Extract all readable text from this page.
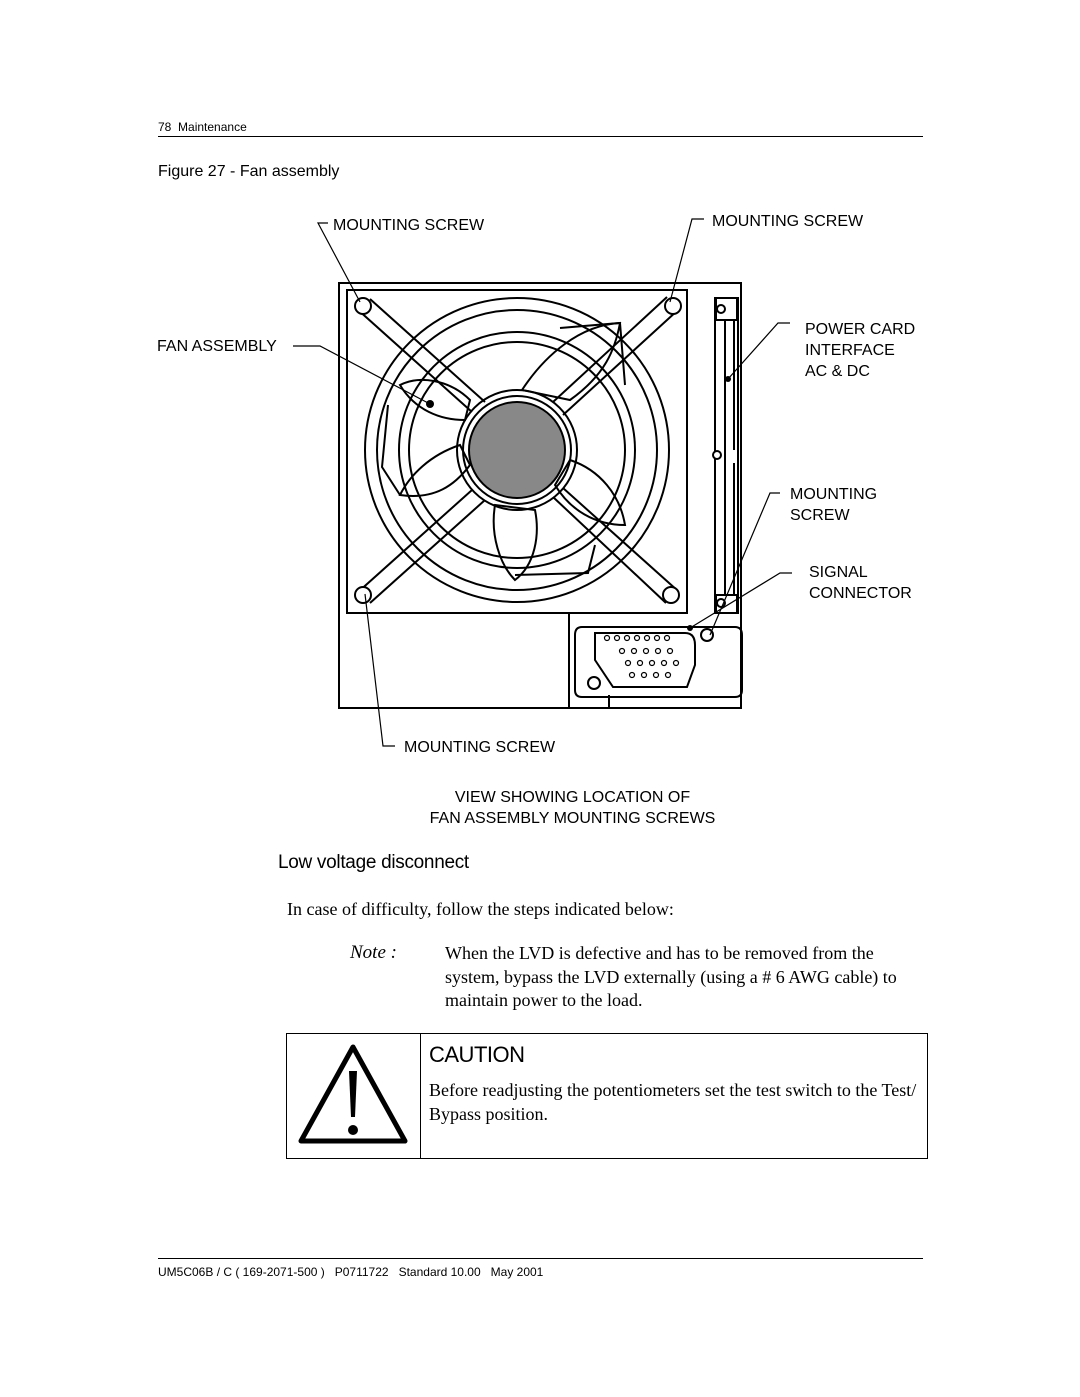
78 Maintenance
Figure 27 - Fan assembly
MOUNTING SCREW	MOUNTING SCREW
FAN ASSEMBLY
POWER CARD
INTERFACE
AC & DC
MOUNTING
SCREW
SIGNAL
CONNECTOR
MOUNTING SCREW
VIEW SHOWING LOCATION OF
FAN ASSEMBLY MOUNTING SCREWS
Low voltage disconnect
In case of difficulty, follow the steps indicated below:
Note :	When the LVD is defective and has to be removed from the system, bypass the LVD externally (using a # 6 AWG cable) to maintain power to the load.
CAUTION
Before readjusting the potentiometers set the test switch to the Test/ Bypass position.
UM5C06B / C ( 169-2071-500 )   P0711722   Standard 10.00   May 2001
